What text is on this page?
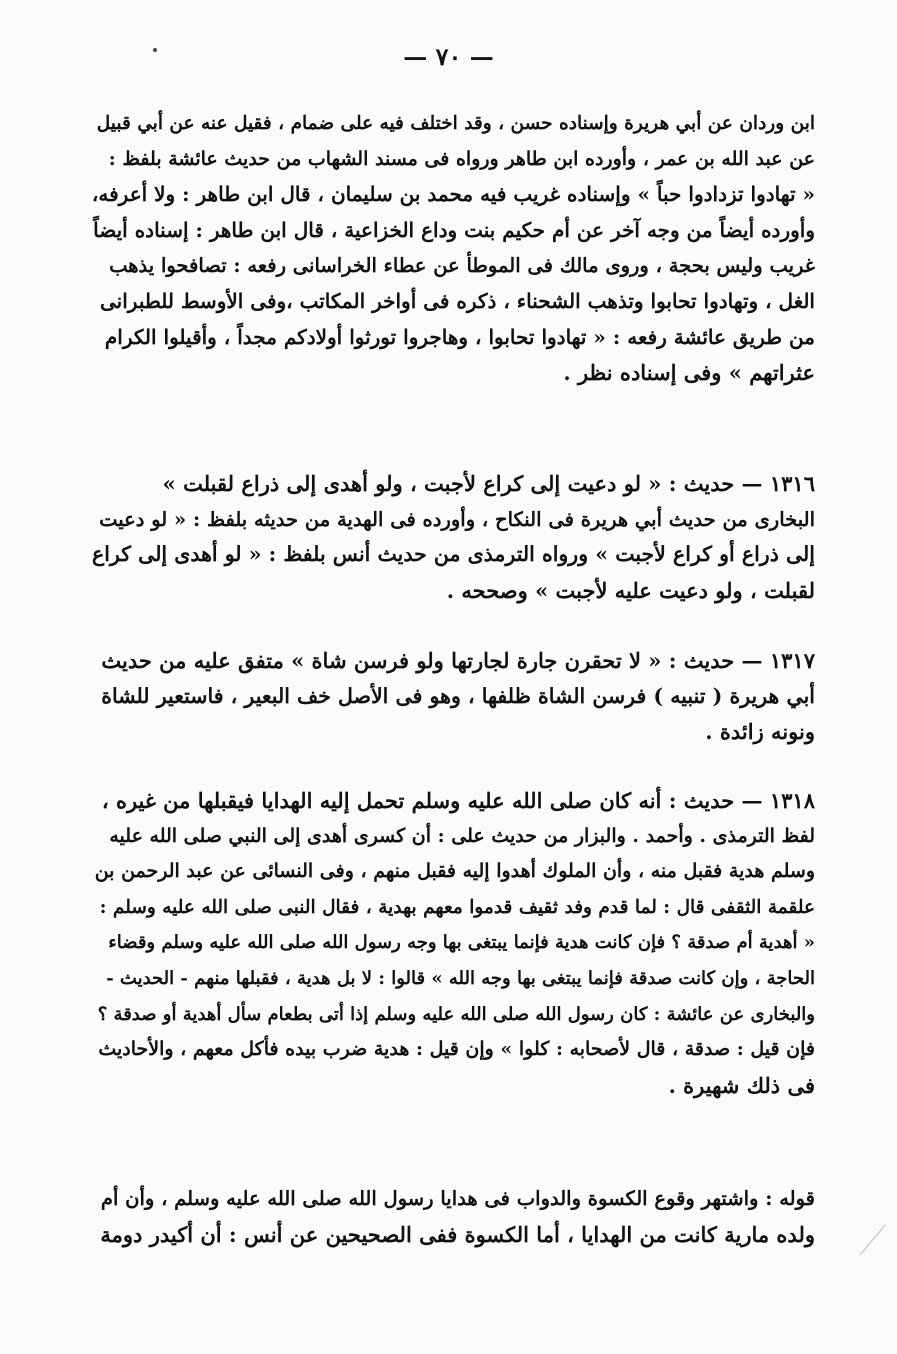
— ٧٠ —
ابن وردان عن أبي هريرة وإسناده حسن ، وقد اختلف فيه على ضمام ، فقيل عنه عن أبي قبيل
عن عبد الله بن عمر ، وأورده ابن طاهر ورواه فى مسند الشهاب من حديث عائشة بلفظ :
« تهادوا تزدادوا حباً » وإسناده غريب فيه محمد بن سليمان ، قال ابن طاهر : ولا أعرفه،
وأورده أيضاً من وجه آخر عن أم حكيم بنت وداع الخزاعية ، قال ابن طاهر : إسناده أيضاً
غريب وليس بحجة ، وروى مالك فى الموطأ عن عطاء الخراسانى رفعه : تصافحوا يذهب
الغل ، وتهادوا تحابوا وتذهب الشحناء ، ذكره فى أواخر المكاتب ،وفى الأوسط للطبرانى
من طريق عائشة رفعه : « تهادوا تحابوا ، وهاجروا تورثوا أولادكم مجداً ، وأقيلوا الكرام
عثراتهم » وفى إسناده نظر .
١٣١٦ — حديث : « لو دعيت إلى كراع لأجبت ، ولو أهدى إلى ذراع لقبلت »
البخارى من حديث أبي هريرة فى النكاح ، وأورده فى الهدية من حديثه بلفظ : « لو دعيت
إلى ذراع أو كراع لأجبت » ورواه الترمذى من حديث أنس بلفظ : « لو أهدى إلى كراع
لقبلت ، ولو دعيت عليه لأجبت » وصححه .
١٣١٧ — حديث : « لا تحقرن جارة لجارتها ولو فرسن شاة » متفق عليه من حديث
أبي هريرة ( تنبيه ) فرسن الشاة ظلفها ، وهو فى الأصل خف البعير ، فاستعير للشاة
ونونه زائدة .
١٣١٨ — حديث : أنه كان صلى الله عليه وسلم تحمل إليه الهدايا فيقبلها من غيره ،
لفظ الترمذى . وأحمد . والبزار من حديث على : أن كسرى أهدى إلى النبي صلى الله عليه
وسلم هدية فقبل منه ، وأن الملوك أهدوا إليه فقبل منهم ، وفى النسائى عن عبد الرحمن بن
علقمة الثقفى قال : لما قدم وفد ثقيف قدموا معهم بهدية ، فقال النبى صلى الله عليه وسلم :
« أهدية أم صدقة ؟ فإن كانت هدية فإنما يبتغى بها وجه رسول الله صلى الله عليه وسلم وقضاء
الحاجة ، وإن كانت صدقة فإنما يبتغى بها وجه الله » قالوا : لا بل هدية ، فقبلها منهم - الحديث -
والبخارى عن عائشة : كان رسول الله صلى الله عليه وسلم إذا أتى بطعام سأل أهدية أو صدقة ؟
فإن قيل : صدقة ، قال لأصحابه : كلوا » وإن قيل : هدية ضرب بيده فأكل معهم ، والأحاديث
فى ذلك شهيرة .
قوله : واشتهر وقوع الكسوة والدواب فى هدايا رسول الله صلى الله عليه وسلم ، وأن أم
ولده مارية كانت من الهدايا ، أما الكسوة ففى الصحيحين عن أنس : أن أكيدر دومة
